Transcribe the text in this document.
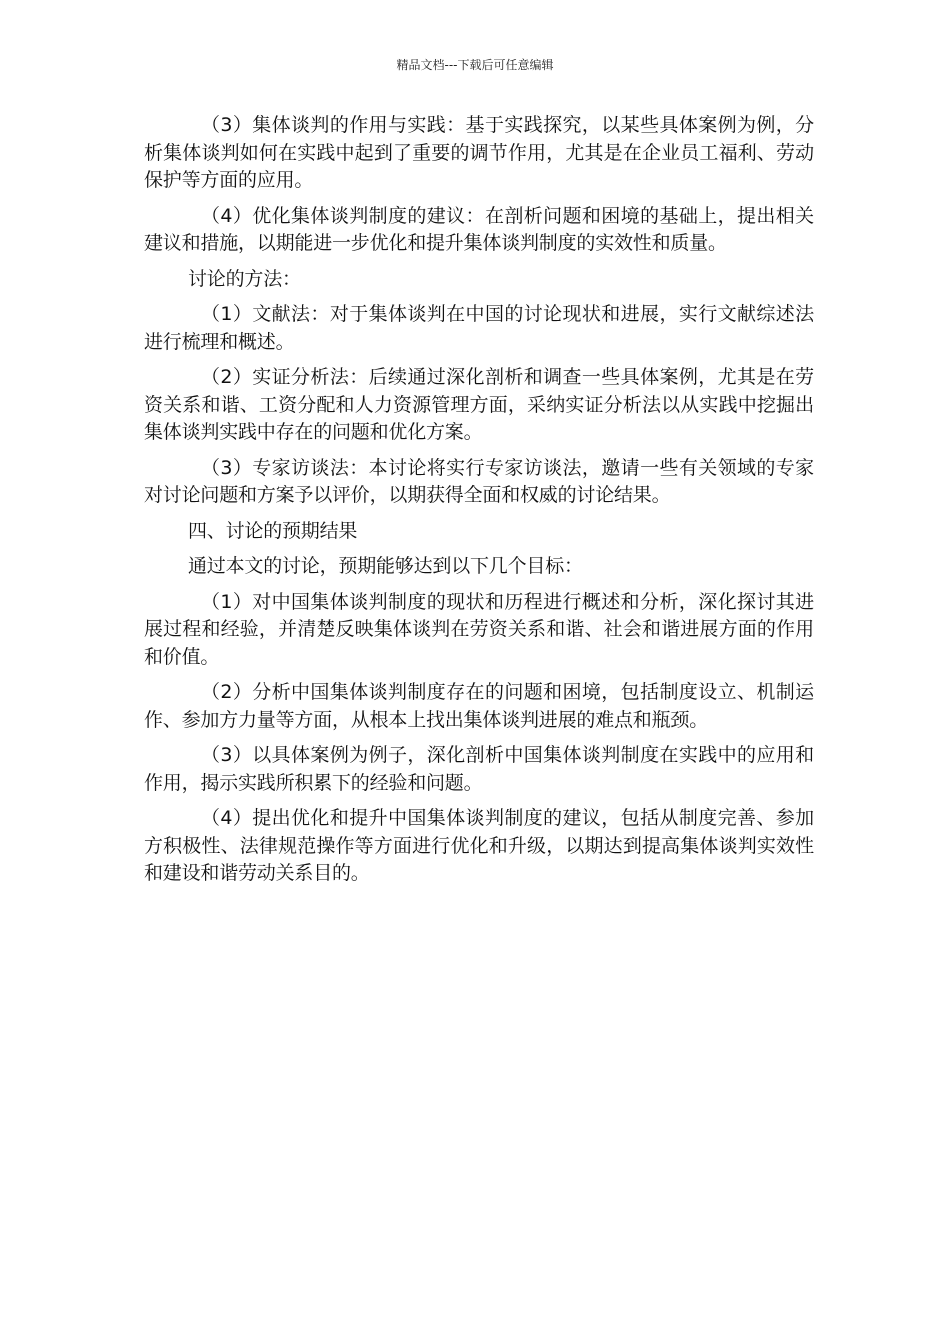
精品文档---下载后可任意编辑

（3）集体谈判的作用与实践：基于实践探究，以某些具体案例为例，分析集体谈判如何在实践中起到了重要的调节作用，尤其是在企业员工福利、劳动保护等方面的应用。

（4）优化集体谈判制度的建议：在剖析问题和困境的基础上，提出相关建议和措施，以期能进一步优化和提升集体谈判制度的实效性和质量。

讨论的方法：

（1）文献法：对于集体谈判在中国的讨论现状和进展，实行文献综述法进行梳理和概述。

（2）实证分析法：后续通过深化剖析和调查一些具体案例，尤其是在劳资关系和谐、工资分配和人力资源管理方面，采纳实证分析法以从实践中挖掘出集体谈判实践中存在的问题和优化方案。

（3）专家访谈法：本讨论将实行专家访谈法，邀请一些有关领域的专家对讨论问题和方案予以评价，以期获得全面和权威的讨论结果。

四、讨论的预期结果

通过本文的讨论，预期能够达到以下几个目标：

（1）对中国集体谈判制度的现状和历程进行概述和分析，深化探讨其进展过程和经验，并清楚反映集体谈判在劳资关系和谐、社会和谐进展方面的作用和价值。

（2）分析中国集体谈判制度存在的问题和困境，包括制度设立、机制运作、参加方力量等方面，从根本上找出集体谈判进展的难点和瓶颈。

（3）以具体案例为例子，深化剖析中国集体谈判制度在实践中的应用和作用，揭示实践所积累下的经验和问题。

（4）提出优化和提升中国集体谈判制度的建议，包括从制度完善、参加方积极性、法律规范操作等方面进行优化和升级，以期达到提高集体谈判实效性和建设和谐劳动关系目的。
